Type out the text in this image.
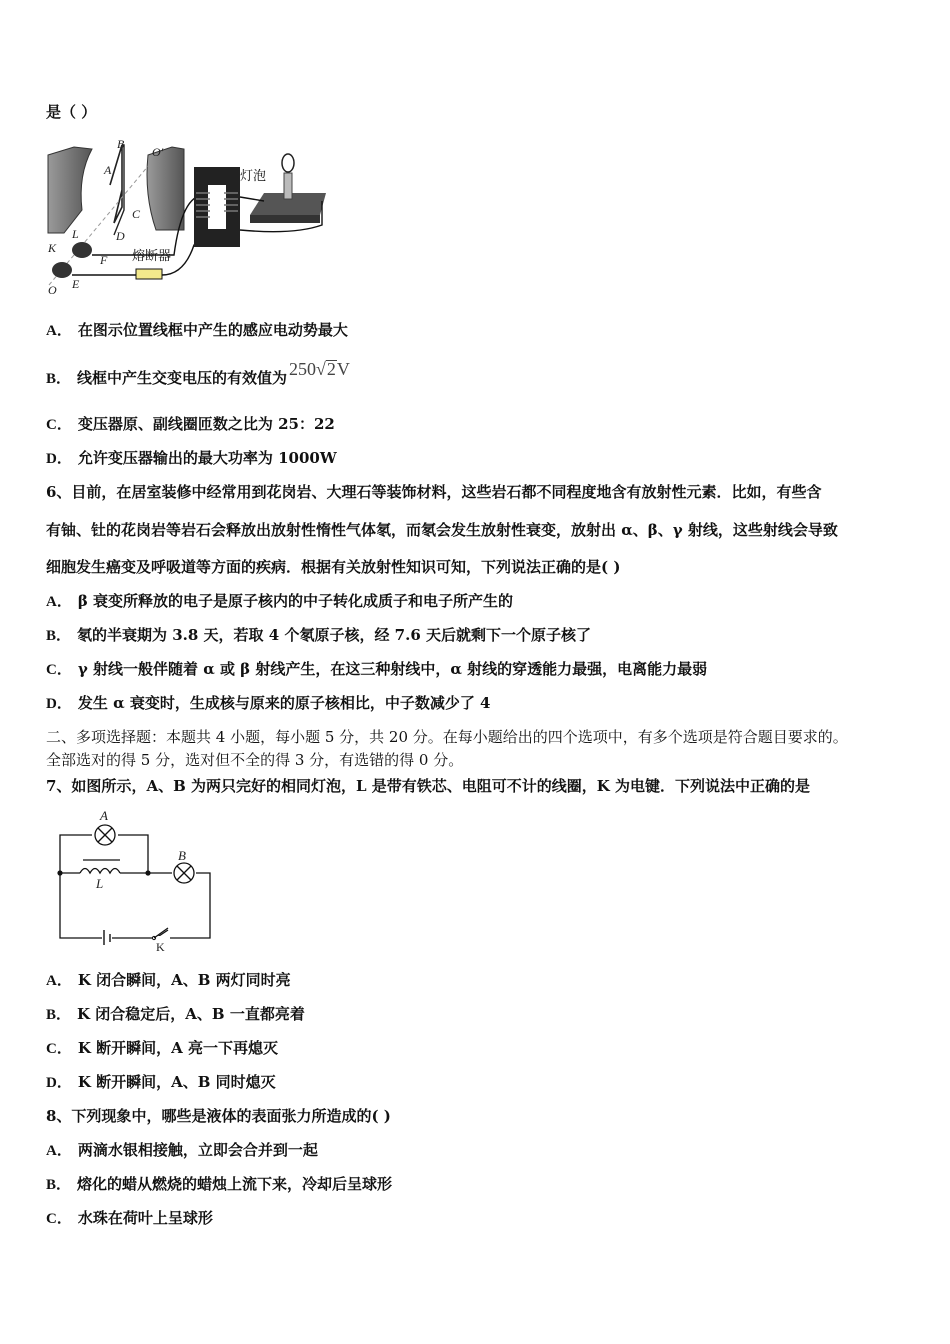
是（ ）
B
A
O′
C
D
L
K
F
E
O
灯泡
熔断器
A． 在图示位置线框中产生的感应电动势最大
B． 线框中产生交变电压的有效值为 250√2V
C． 变压器原、副线圈匝数之比为 25：22
D． 允许变压器输出的最大功率为 1000W
6、目前，在居室装修中经常用到花岗岩、大理石等装饰材料，这些岩石都不同程度地含有放射性元素．比如，有些含
有铀、钍的花岗岩等岩石会释放出放射性惰性气体氡，而氡会发生放射性衰变，放射出 α、β、γ 射线，这些射线会导致
细胞发生癌变及呼吸道等方面的疾病．根据有关放射性知识可知，下列说法正确的是( )
A． β 衰变所释放的电子是原子核内的中子转化成质子和电子所产生的
B． 氡的半衰期为 3.8 天，若取 4 个氡原子核，经 7.6 天后就剩下一个原子核了
C． γ 射线一般伴随着 α 或 β 射线产生，在这三种射线中，α 射线的穿透能力最强，电离能力最弱
D． 发生 α 衰变时，生成核与原来的原子核相比，中子数减少了 4
二、多项选择题：本题共 4 小题，每小题 5 分，共 20 分。在每小题给出的四个选项中，有多个选项是符合题目要求的。
全部选对的得 5 分，选对但不全的得 3 分，有选错的得 0 分。
7、如图所示，A、B 为两只完好的相同灯泡，L 是带有铁芯、电阻可不计的线圈，K 为电键．下列说法中正确的是
A
B
L
K
A． K 闭合瞬间，A、B 两灯同时亮
B． K 闭合稳定后，A、B 一直都亮着
C． K 断开瞬间，A 亮一下再熄灭
D． K 断开瞬间，A、B 同时熄灭
8、下列现象中，哪些是液体的表面张力所造成的( )
A． 两滴水银相接触，立即会合并到一起
B． 熔化的蜡从燃烧的蜡烛上流下来，冷却后呈球形
C． 水珠在荷叶上呈球形
